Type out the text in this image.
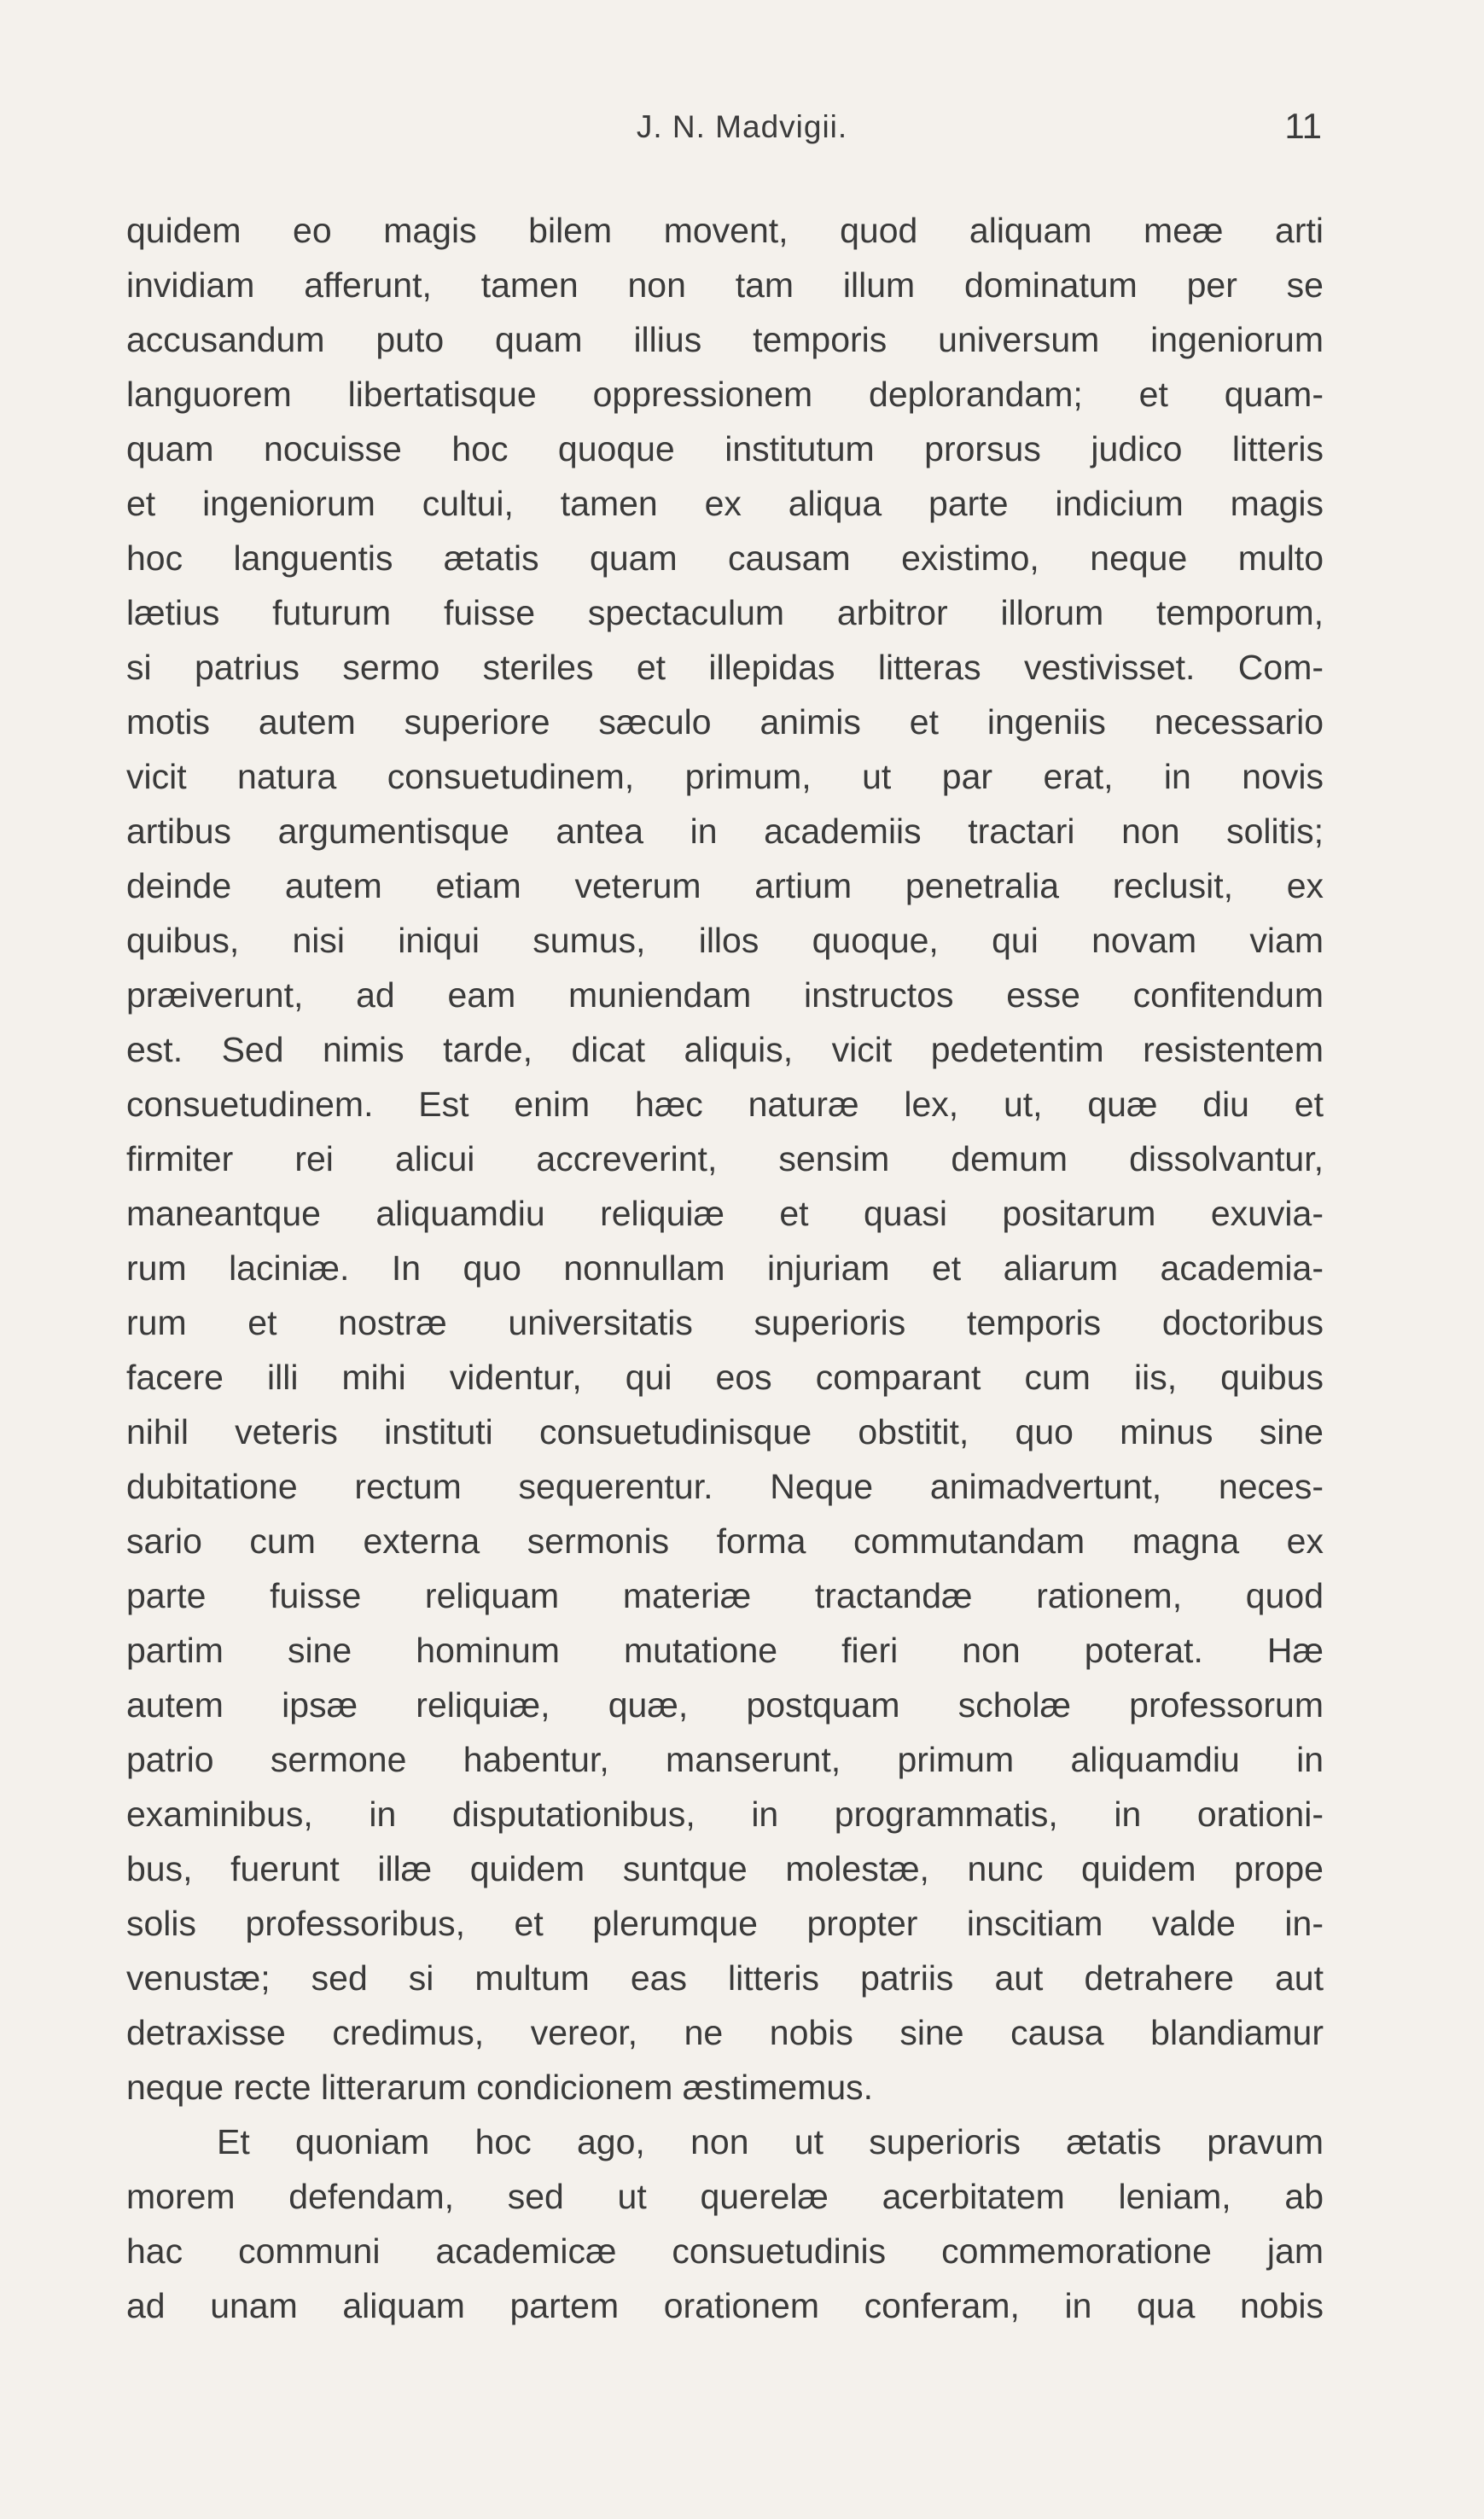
J. N. Madvigii.	11
quidem eo magis bilem movent, quod aliquam meæ arti
invidiam afferunt, tamen non tam illum dominatum per se
accusandum puto quam illius temporis universum ingeniorum
languorem libertatisque oppressionem deplorandam; et quam-
quam nocuisse hoc quoque institutum prorsus judico litteris
et ingeniorum cultui, tamen ex aliqua parte indicium magis
hoc languentis ætatis quam causam existimo, neque multo
lætius futurum fuisse spectaculum arbitror illorum temporum,
si patrius sermo steriles et illepidas litteras vestivisset. Com-
motis autem superiore sæculo animis et ingeniis necessario
vicit natura consuetudinem, primum, ut par erat, in novis
artibus argumentisque antea in academiis tractari non solitis;
deinde autem etiam veterum artium penetralia reclusit, ex
quibus, nisi iniqui sumus, illos quoque, qui novam viam
præiverunt, ad eam muniendam instructos esse confitendum
est. Sed nimis tarde, dicat aliquis, vicit pedetentim resistentem
consuetudinem. Est enim hæc naturæ lex, ut, quæ diu et
firmiter rei alicui accreverint, sensim demum dissolvantur,
maneantque aliquamdiu reliquiæ et quasi positarum exuvia-
rum laciniæ. In quo nonnullam injuriam et aliarum academia-
rum et nostræ universitatis superioris temporis doctoribus
facere illi mihi videntur, qui eos comparant cum iis, quibus
nihil veteris instituti consuetudinisque obstitit, quo minus sine
dubitatione rectum sequerentur. Neque animadvertunt, neces-
sario cum externa sermonis forma commutandam magna ex
parte fuisse reliquam materiæ tractandæ rationem, quod
partim sine hominum mutatione fieri non poterat. Hæ
autem ipsæ reliquiæ, quæ, postquam scholæ professorum
patrio sermone habentur, manserunt, primum aliquamdiu in
examinibus, in disputationibus, in programmatis, in orationi-
bus, fuerunt illæ quidem suntque molestæ, nunc quidem prope
solis professoribus, et plerumque propter inscitiam valde in-
venustæ; sed si multum eas litteris patriis aut detrahere aut
detraxisse credimus, vereor, ne nobis sine causa blandiamur
neque recte litterarum condicionem æstimemus.
Et quoniam hoc ago, non ut superioris ætatis pravum
morem defendam, sed ut querelæ acerbitatem leniam, ab
hac communi academicæ consuetudinis commemoratione jam
ad unam aliquam partem orationem conferam, in qua nobis
